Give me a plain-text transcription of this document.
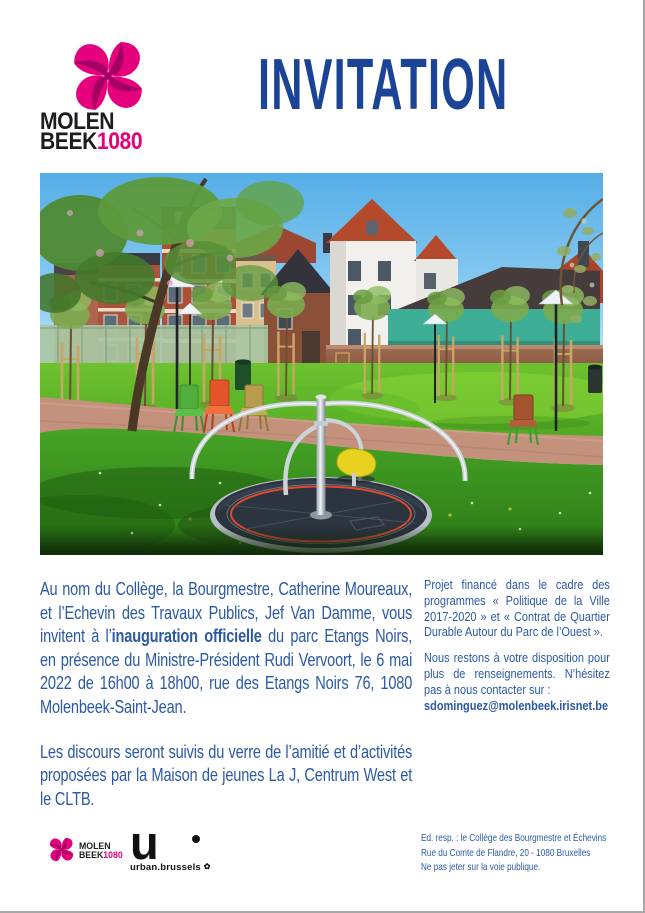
MOLEN
BEEK1080
INVITATION

Au nom du Collège, la Bourgmestre, Catherine Moureaux, et l’Echevin des Travaux Publics, Jef Van Damme, vous invitent à l’inauguration officielle du parc Etangs Noirs, en présence du Ministre-Président Rudi Vervoort, le 6 mai 2022 de 16h00 à 18h00, rue des Etangs Noirs 76, 1080 Molenbeek-Saint-Jean.

Les discours seront suivis du verre de l’amitié et d’activités proposées par la Maison de jeunes La J, Centrum West et le CLTB.

Projet financé dans le cadre des programmes « Politique de la Ville 2017-2020 » et « Contrat de Quartier Durable Autour du Parc de l’Ouest ».

Nous restons à votre disposition pour plus de renseignements. N’hésitez pas à nous contacter sur :
sdominguez@molenbeek.irisnet.be

MOLEN
BEEK1080 u
urban.brussels ✿
Ed. resp. : le Collège des Bourgmestre et Échevins
Rue du Comte de Flandre, 20 - 1080 Bruxelles
Ne pas jeter sur la voie publique.
